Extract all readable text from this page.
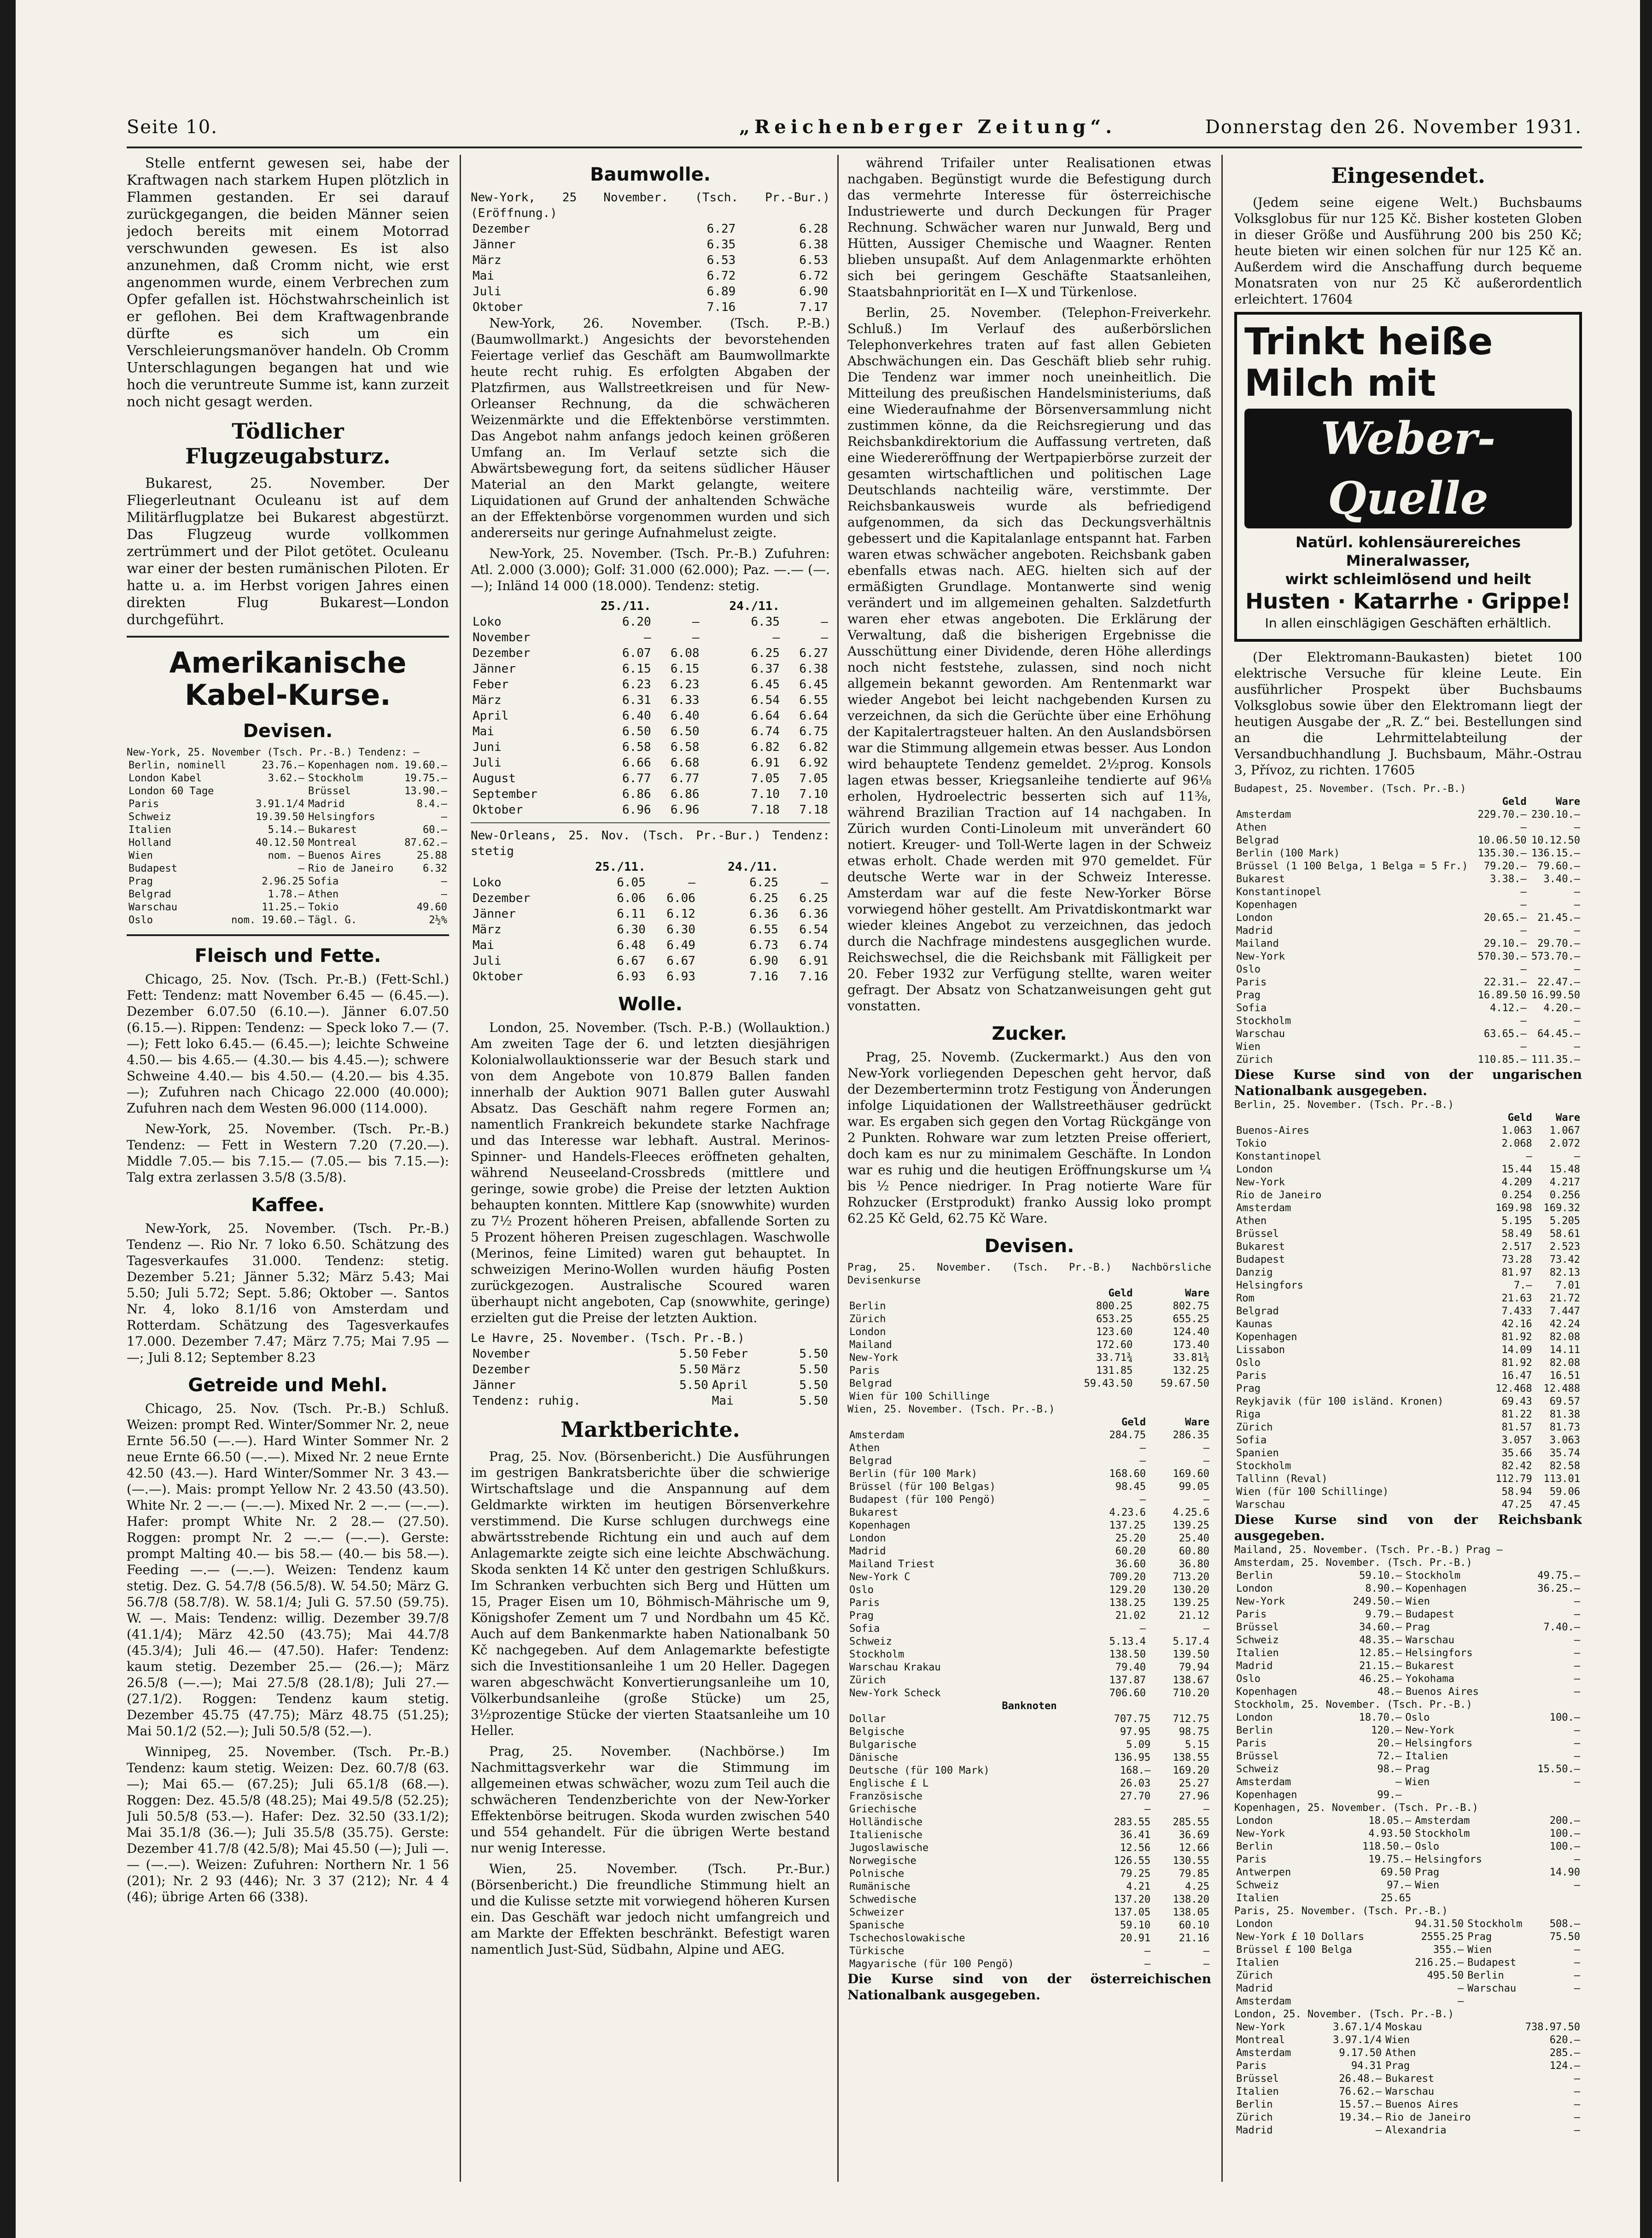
Seite 10.	„Reichenberger Zeitung“.	Donnerstag den 26. November 1931.

Stelle entfernt gewesen sei, habe der Kraftwagen nach starkem Hupen plötzlich in Flammen gestanden. Er sei darauf zurückgegangen, die beiden Männer seien jedoch bereits mit einem Motorrad verschwunden gewesen. Es ist also anzunehmen, daß Cromm nicht, wie erst angenommen wurde, einem Verbrechen zum Opfer gefallen ist. Höchstwahrscheinlich ist er geflohen. Bei dem Kraftwagenbrande dürfte es sich um ein Verschleierungsmanöver handeln. Ob Cromm Unterschlagungen begangen hat und wie hoch die veruntreute Summe ist, kann zurzeit noch nicht gesagt werden.

Tödlicher Flugzeugabsturz.

Bukarest, 25. November. Der Fliegerleutnant Oculeanu ist auf dem Militärflugplatze bei Bukarest abgestürzt. Das Flugzeug wurde vollkommen zertrümmert und der Pilot getötet. Oculeanu war einer der besten rumänischen Piloten. Er hatte u. a. im Herbst vorigen Jahres einen direkten Flug Bukarest—London durchgeführt.

Amerikanische Kabel-Kurse.
Devisen.
New-York, 25. November (Tsch. Pr.-B.) Tendenz: —
Berlin, nominell	23.76.—	Kopenhagen nom.	19.60.—
London Kabel	3.62.—	Stockholm	19.75.—
London 60 Tage		Brüssel	13.90.—
Paris	3.91.1/4	Madrid	8.4.—
Schweiz	19.39.50	Helsingfors	—
Italien	5.14.—	Bukarest	60.—
Holland	40.12.50	Montreal	87.62.—
Wien	nom. —	Buenos Aires	25.88
Budapest	—	Rio de Janeiro	6.32
Prag	2.96.25	Sofia	—
Belgrad	1.78.—	Athen	—
Warschau	11.25.—	Tokio	49.60
Oslo	nom. 19.60.—	Tägl. G.	2½%
Fleisch und Fette.

Chicago, 25. Nov. (Tsch. Pr.-B.) (Fett-Schl.) Fett: Tendenz: matt November 6.45 — (6.45.—). Dezember 6.07.50 (6.10.—). Jänner 6.07.50 (6.15.—). Rippen: Tendenz: — Speck loko 7.— (7.—); Fett loko 6.45.— (6.45.—); leichte Schweine 4.50.— bis 4.65.— (4.30.— bis 4.45.—); schwere Schweine 4.40.— bis 4.50.— (4.20.— bis 4.35.—); Zufuhren nach Chicago 22.000 (40.000); Zufuhren nach dem Westen 96.000 (114.000).

New-York, 25. November. (Tsch. Pr.-B.) Tendenz: — Fett in Western 7.20 (7.20.—). Middle 7.05.— bis 7.15.— (7.05.— bis 7.15.—): Talg extra zerlassen 3.5/8 (3.5/8).

Kaffee.

New-York, 25. November. (Tsch. Pr.-B.) Tendenz —. Rio Nr. 7 loko 6.50. Schätzung des Tagesverkaufes 31.000. Tendenz: stetig. Dezember 5.21; Jänner 5.32; März 5.43; Mai 5.50; Juli 5.72; Sept. 5.86; Oktober —. Santos Nr. 4, loko 8.1/16 von Amsterdam und Rotterdam. Schätzung des Tagesverkaufes 17.000. Dezember 7.47; März 7.75; Mai 7.95 — —; Juli 8.12; September 8.23

Getreide und Mehl.

Chicago, 25. Nov. (Tsch. Pr.-B.) Schluß. Weizen: prompt Red. Winter/Sommer Nr. 2, neue Ernte 56.50 (—.—). Hard Winter Sommer Nr. 2 neue Ernte 66.50 (—.—). Mixed Nr. 2 neue Ernte 42.50 (43.—). Hard Winter/Sommer Nr. 3 43.— (—.—). Mais: prompt Yellow Nr. 2 43.50 (43.50). White Nr. 2 —.— (—.—). Mixed Nr. 2 —.— (—.—). Hafer: prompt White Nr. 2 28.— (27.50). Roggen: prompt Nr. 2 —.— (—.—). Gerste: prompt Malting 40.— bis 58.— (40.— bis 58.—). Feeding —.— (—.—). Weizen: Tendenz kaum stetig. Dez. G. 54.7/8 (56.5/8). W. 54.50; März G. 56.7/8 (58.7/8). W. 58.1/4; Juli G. 57.50 (59.75). W. —. Mais: Tendenz: willig. Dezember 39.7/8 (41.1/4); März 42.50 (43.75); Mai 44.7/8 (45.3/4); Juli 46.— (47.50). Hafer: Tendenz: kaum stetig. Dezember 25.— (26.—); März 26.5/8 (—.—); Mai 27.5/8 (28.1/8); Juli 27.— (27.1/2). Roggen: Tendenz kaum stetig. Dezember 45.75 (47.75); März 48.75 (51.25); Mai 50.1/2 (52.—); Juli 50.5/8 (52.—).

Winnipeg, 25. November. (Tsch. Pr.-B.) Tendenz: kaum stetig. Weizen: Dez. 60.7/8 (63.—); Mai 65.— (67.25); Juli 65.1/8 (68.—). Roggen: Dez. 45.5/8 (48.25); Mai 49.5/8 (52.25); Juli 50.5/8 (53.—). Hafer: Dez. 32.50 (33.1/2); Mai 35.1/8 (36.—); Juli 35.5/8 (35.75). Gerste: Dezember 41.7/8 (42.5/8); Mai 45.50 (—); Juli —.— (—.—). Weizen: Zufuhren: Northern Nr. 1 56 (201); Nr. 2 93 (446); Nr. 3 37 (212); Nr. 4 4 (46); übrige Arten 66 (338).

Baumwolle.
New-York, 25 November. (Tsch. Pr.-Bur.) (Eröffnung.)
Dezember	6.27	6.28
Jänner	6.35	6.38
März	6.53	6.53
Mai	6.72	6.72
Juli	6.89	6.90
Oktober	7.16	7.17

New-York, 26. November. (Tsch. P.-B.) (Baumwollmarkt.) Angesichts der bevorstehenden Feiertage verlief das Geschäft am Baumwollmarkte heute recht ruhig. Es erfolgten Abgaben der Platzfirmen, aus Wallstreetkreisen und für New-Orleanser Rechnung, da die schwächeren Weizenmärkte und die Effektenbörse verstimmten. Das Angebot nahm anfangs jedoch keinen größeren Umfang an. Im Verlauf setzte sich die Abwärtsbewegung fort, da seitens südlicher Häuser Material an den Markt gelangte, weitere Liquidationen auf Grund der anhaltenden Schwäche an der Effektenbörse vorgenommen wurden und sich andererseits nur geringe Aufnahmelust zeigte.

New-York, 25. November. (Tsch. Pr.-B.) Zufuhren: Atl. 2.000 (3.000); Golf: 31.000 (62.000); Paz. —.— (—.—); Inländ 14 000 (18.000). Tendenz: stetig.

	25./11.		24./11.	
Loko	6.20	—	6.35	—
November	—	—	—	—
Dezember	6.07	6.08	6.25	6.27
Jänner	6.15	6.15	6.37	6.38
Feber	6.23	6.23	6.45	6.45
März	6.31	6.33	6.54	6.55
April	6.40	6.40	6.64	6.64
Mai	6.50	6.50	6.74	6.75
Juni	6.58	6.58	6.82	6.82
Juli	6.66	6.68	6.91	6.92
August	6.77	6.77	7.05	7.05
September	6.86	6.86	7.10	7.10
Oktober	6.96	6.96	7.18	7.18
New-Orleans, 25. Nov. (Tsch. Pr.-Bur.) Tendenz: stetig
	25./11.		24./11.	
Loko	6.05	—	6.25	—
Dezember	6.06	6.06	6.25	6.25
Jänner	6.11	6.12	6.36	6.36
März	6.30	6.30	6.55	6.54
Mai	6.48	6.49	6.73	6.74
Juli	6.67	6.67	6.90	6.91
Oktober	6.93	6.93	7.16	7.16
Wolle.

London, 25. November. (Tsch. P.-B.) (Wollauktion.) Am zweiten Tage der 6. und letzten diesjährigen Kolonialwollauktionsserie war der Besuch stark und von dem Angebote von 10.879 Ballen fanden innerhalb der Auktion 9071 Ballen guter Auswahl Absatz. Das Geschäft nahm regere Formen an; namentlich Frankreich bekundete starke Nachfrage und das Interesse war lebhaft. Austral. Merinos-Spinner- und Handels-Fleeces eröffneten gehalten, während Neuseeland-Crossbreds (mittlere und geringe, sowie grobe) die Preise der letzten Auktion behaupten konnten. Mittlere Kap (snowwhite) wurden zu 7½ Prozent höheren Preisen, abfallende Sorten zu 5 Prozent höheren Preisen zugeschlagen. Waschwolle (Merinos, feine Limited) waren gut behauptet. In schweizigen Merino-Wollen wurden häufig Posten zurückgezogen. Australische Scoured waren überhaupt nicht angeboten, Cap (snowwhite, geringe) erzielten gut die Preise der letzten Auktion.

Le Havre, 25. November. (Tsch. Pr.-B.)
November	5.50	Feber	5.50
Dezember	5.50	März	5.50
Jänner	5.50	April	5.50
Tendenz: ruhig.		Mai	5.50
Marktberichte.

Prag, 25. Nov. (Börsenbericht.) Die Ausführungen im gestrigen Bankratsberichte über die schwierige Wirtschaftslage und die Anspannung auf dem Geldmarkte wirkten im heutigen Börsenverkehre verstimmend. Die Kurse schlugen durchwegs eine abwärtsstrebende Richtung ein und auch auf dem Anlagemarkte zeigte sich eine leichte Abschwächung. Skoda senkten 14 Kč unter den gestrigen Schlußkurs. Im Schranken verbuchten sich Berg und Hütten um 15, Prager Eisen um 10, Böhmisch-Mährische um 9, Königshofer Zement um 7 und Nordbahn um 45 Kč. Auch auf dem Bankenmarkte haben Nationalbank 50 Kč nachgegeben. Auf dem Anlagemarkte befestigte sich die Investitionsanleihe 1 um 20 Heller. Dagegen waren abgeschwächt Konvertierungsanleihe um 10, Völkerbundsanleihe (große Stücke) um 25, 3½prozentige Stücke der vierten Staatsanleihe um 10 Heller.

Prag, 25. November. (Nachbörse.) Im Nachmittagsverkehr war die Stimmung im allgemeinen etwas schwächer, wozu zum Teil auch die schwächeren Tendenzberichte von der New-Yorker Effektenbörse beitrugen. Skoda wurden zwischen 540 und 554 gehandelt. Für die übrigen Werte bestand nur wenig Interesse.

Wien, 25. November. (Tsch. Pr.-Bur.) (Börsenbericht.) Die freundliche Stimmung hielt an und die Kulisse setzte mit vorwiegend höheren Kursen ein. Das Geschäft war jedoch nicht umfangreich und am Markte der Effekten beschränkt. Befestigt waren namentlich Just-Süd, Südbahn, Alpine und AEG.

während Trifailer unter Realisationen etwas nachgaben. Begünstigt wurde die Befestigung durch das vermehrte Interesse für österreichische Industriewerte und durch Deckungen für Prager Rechnung. Schwächer waren nur Junwald, Berg und Hütten, Aussiger Chemische und Waagner. Renten blieben unsupaßt. Auf dem Anlagenmarkte erhöhten sich bei geringem Geschäfte Staatsanleihen, Staatsbahnpriorität en I—X und Türkenlose.

Berlin, 25. November. (Telephon-Freiverkehr. Schluß.) Im Verlauf des außerbörslichen Telephonverkehres traten auf fast allen Gebieten Abschwächungen ein. Das Geschäft blieb sehr ruhig. Die Tendenz war immer noch uneinheitlich. Die Mitteilung des preußischen Handelsministeriums, daß eine Wiederaufnahme der Börsenversammlung nicht zustimmen könne, da die Reichsregierung und das Reichsbankdirektorium die Auffassung vertreten, daß eine Wiedereröffnung der Wertpapierbörse zurzeit der gesamten wirtschaftlichen und politischen Lage Deutschlands nachteilig wäre, verstimmte. Der Reichsbankausweis wurde als befriedigend aufgenommen, da sich das Deckungsverhältnis gebessert und die Kapitalanlage entspannt hat. Farben waren etwas schwächer angeboten. Reichsbank gaben ebenfalls etwas nach. AEG. hielten sich auf der ermäßigten Grundlage. Montanwerte sind wenig verändert und im allgemeinen gehalten. Salzdetfurth waren eher etwas angeboten. Die Erklärung der Verwaltung, daß die bisherigen Ergebnisse die Ausschüttung einer Dividende, deren Höhe allerdings noch nicht feststehe, zulassen, sind noch nicht allgemein bekannt geworden. Am Rentenmarkt war wieder Angebot bei leicht nachgebenden Kursen zu verzeichnen, da sich die Gerüchte über eine Erhöhung der Kapitalertragsteuer halten. An den Auslandsbörsen war die Stimmung allgemein etwas besser. Aus London wird behauptete Tendenz gemeldet. 2½prog. Konsols lagen etwas besser, Kriegsanleihe tendierte auf 96⅛ erholen, Hydroelectric besserten sich auf 11⅜, während Brazilian Traction auf 14 nachgaben. In Zürich wurden Conti-Linoleum mit unverändert 60 notiert. Kreuger- und Toll-Werte lagen in der Schweiz etwas erholt. Chade werden mit 970 gemeldet. Für deutsche Werte war in der Schweiz Interesse. Amsterdam war auf die feste New-Yorker Börse vorwiegend höher gestellt. Am Privatdiskontmarkt war wieder kleines Angebot zu verzeichnen, das jedoch durch die Nachfrage mindestens ausgeglichen wurde. Reichswechsel, die die Reichsbank mit Fälligkeit per 20. Feber 1932 zur Verfügung stellte, waren weiter gefragt. Der Absatz von Schatzanweisungen geht gut vonstatten.

Zucker.

Prag, 25. Novemb. (Zuckermarkt.) Aus den von New-York vorliegenden Depeschen geht hervor, daß der Dezemberterminn trotz Festigung von Änderungen infolge Liquidationen der Wallstreethäuser gedrückt war. Es ergaben sich gegen den Vortag Rückgänge von 2 Punkten. Rohware war zum letzten Preise offeriert, doch kam es nur zu minimalem Geschäfte. In London war es ruhig und die heutigen Eröffnungskurse um ¼ bis ½ Pence niedriger. In Prag notierte Ware für Rohzucker (Erstprodukt) franko Aussig loko prompt 62.25 Kč Geld, 62.75 Kč Ware.

Devisen.
Prag, 25. November. (Tsch. Pr.-B.) Nachbörsliche Devisenkurse
	Geld	Ware
Berlin	800.25	802.75
Zürich	653.25	655.25
London	123.60	124.40
Mailand	172.60	173.40
New-York	33.71¾	33.81¾
Paris	131.85	132.25
Belgrad	59.43.50	59.67.50
Wien für 100 Schillinge		
Wien, 25. November. (Tsch. Pr.-B.)
	Geld	Ware
Amsterdam	284.75	286.35
Athen	—	—
Belgrad	—	—
Berlin (für 100 Mark)	168.60	169.60
Brüssel (für 100 Belgas)	98.45	99.05
Budapest (für 100 Pengö)	—	—
Bukarest	4.23.6	4.25.6
Kopenhagen	137.25	139.25
London	25.20	25.40
Madrid	60.20	60.80
Mailand Triest	36.60	36.80
New-York C	709.20	713.20
Oslo	129.20	130.20
Paris	138.25	139.25
Prag	21.02	21.12
Sofia	—	—
Schweiz	5.13.4	5.17.4
Stockholm	138.50	139.50
Warschau Krakau	79.40	79.94
Zürich	137.87	138.67
New-York Scheck	706.60	710.20
Banknoten
Dollar	707.75	712.75
Belgische	97.95	98.75
Bulgarische	5.09	5.15
Dänische	136.95	138.55
Deutsche (für 100 Mark)	168.—	169.20
Englische £ L	26.03	25.27
Französische	27.70	27.96
Griechische	—	—
Holländische	283.55	285.55
Italienische	36.41	36.69
Jugoslawische	12.56	12.66
Norwegische	126.55	130.55
Polnische	79.25	79.85
Rumänische	4.21	4.25
Schwedische	137.20	138.20
Schweizer	137.05	138.05
Spanische	59.10	60.10
Tschechoslowakische	20.91	21.16
Türkische	—	—
Magyarische (für 100 Pengö)	—	—
Die Kurse sind von der österreichischen Nationalbank ausgegeben.
Eingesendet.

(Jedem seine eigene Welt.) Buchsbaums Volksglobus für nur 125 Kč. Bisher kosteten Globen in dieser Größe und Ausführung 200 bis 250 Kč; heute bieten wir einen solchen für nur 125 Kč an. Außerdem wird die Anschaffung durch bequeme Monatsraten von nur 25 Kč außerordentlich erleichtert. 17604

Trinkt heiße Milch mit
Weber-Quelle
Natürl. kohlensäurereiches Mineralwasser,
wirkt schleimlösend und heilt
Husten · Katarrhe · Grippe!
In allen einschlägigen Geschäften erhältlich.

(Der Elektromann-Baukasten) bietet 100 elektrische Versuche für kleine Leute. Ein ausführlicher Prospekt über Buchsbaums Volksglobus sowie über den Elektromann liegt der heutigen Ausgabe der „R. Z.“ bei. Bestellungen sind an die Lehrmittelabteilung der Versandbuchhandlung J. Buchsbaum, Mähr.-Ostrau 3, Přívoz, zu richten. 17605

Budapest, 25. November. (Tsch. Pr.-B.)
	Geld	Ware
Amsterdam	229.70.—	230.10.—
Athen	—	—
Belgrad	10.06.50	10.12.50
Berlin (100 Mark)	135.30.—	136.15.—
Brüssel (1 100 Belga, 1 Belga = 5 Fr.)	79.20.—	79.60.—
Bukarest	3.38.—	3.40.—
Konstantinopel	—	—
Kopenhagen	—	—
London	20.65.—	21.45.—
Madrid	—	—
Mailand	29.10.—	29.70.—
New-York	570.30.—	573.70.—
Oslo	—	—
Paris	22.31.—	22.47.—
Prag	16.89.50	16.99.50
Sofia	4.12.—	4.20.—
Stockholm	—	—
Warschau	63.65.—	64.45.—
Wien	—	—
Zürich	110.85.—	111.35.—
Diese Kurse sind von der ungarischen Nationalbank ausgegeben.
Berlin, 25. November. (Tsch. Pr.-B.)
	Geld	Ware
Buenos-Aires	1.063	1.067
Tokio	2.068	2.072
Konstantinopel	—	—
London	15.44	15.48
New-York	4.209	4.217
Rio de Janeiro	0.254	0.256
Amsterdam	169.98	169.32
Athen	5.195	5.205
Brüssel	58.49	58.61
Bukarest	2.517	2.523
Budapest	73.28	73.42
Danzig	81.97	82.13
Helsingfors	7.—	7.01
Rom	21.63	21.72
Belgrad	7.433	7.447
Kaunas	42.16	42.24
Kopenhagen	81.92	82.08
Lissabon	14.09	14.11
Oslo	81.92	82.08
Paris	16.47	16.51
Prag	12.468	12.488
Reykjavik (für 100 isländ. Kronen)	69.43	69.57
Riga	81.22	81.38
Zürich	81.57	81.73
Sofia	3.057	3.063
Spanien	35.66	35.74
Stockholm	82.42	82.58
Tallinn (Reval)	112.79	113.01
Wien (für 100 Schillinge)	58.94	59.06
Warschau	47.25	47.45
Diese Kurse sind von der Reichsbank ausgegeben.
Mailand, 25. November. (Tsch. Pr.-B.) Prag —
Amsterdam, 25. November. (Tsch. Pr.-B.)
Berlin	59.10.—	Stockholm	49.75.—
London	8.90.—	Kopenhagen	36.25.—
New-York	249.50.—	Wien	—
Paris	9.79.—	Budapest	—
Brüssel	34.60.—	Prag	7.40.—
Schweiz	48.35.—	Warschau	—
Italien	12.85.—	Helsingfors	—
Madrid	21.15.—	Bukarest	—
Oslo	46.25.—	Yokohama	—
Kopenhagen	48.—	Buenos Aires	—
Stockholm, 25. November. (Tsch. Pr.-B.)
London	18.70.—	Oslo	100.—
Berlin	120.—	New-York	—
Paris	20.—	Helsingfors	—
Brüssel	72.—	Italien	—
Schweiz	98.—	Prag	15.50.—
Amsterdam	—	Wien	—
Kopenhagen	99.—		
Kopenhagen, 25. November. (Tsch. Pr.-B.)
London	18.05.—	Amsterdam	200.—
New-York	4.93.50	Stockholm	100.—
Berlin	118.50.—	Oslo	100.—
Paris	19.75.—	Helsingfors	—
Antwerpen	69.50	Prag	14.90
Schweiz	97.—	Wien	—
Italien	25.65		
Paris, 25. November. (Tsch. Pr.-B.)
London	94.31.50	Stockholm	508.—
New-York £ 10 Dollars	2555.25	Prag	75.50
Brüssel £ 100 Belga	355.—	Wien	—
Italien	216.25.—	Budapest	—
Zürich	495.50	Berlin	—
Madrid	—	Warschau	—
Amsterdam	—		
London, 25. November. (Tsch. Pr.-B.)
New-York	3.67.1/4	Moskau	738.97.50
Montreal	3.97.1/4	Wien	620.—
Amsterdam	9.17.50	Athen	285.—
Paris	94.31	Prag	124.—
Brüssel	26.48.—	Bukarest	—
Italien	76.62.—	Warschau	—
Berlin	15.57.—	Buenos Aires	—
Zürich	19.34.—	Rio de Janeiro	—
Madrid	—	Alexandria	—
